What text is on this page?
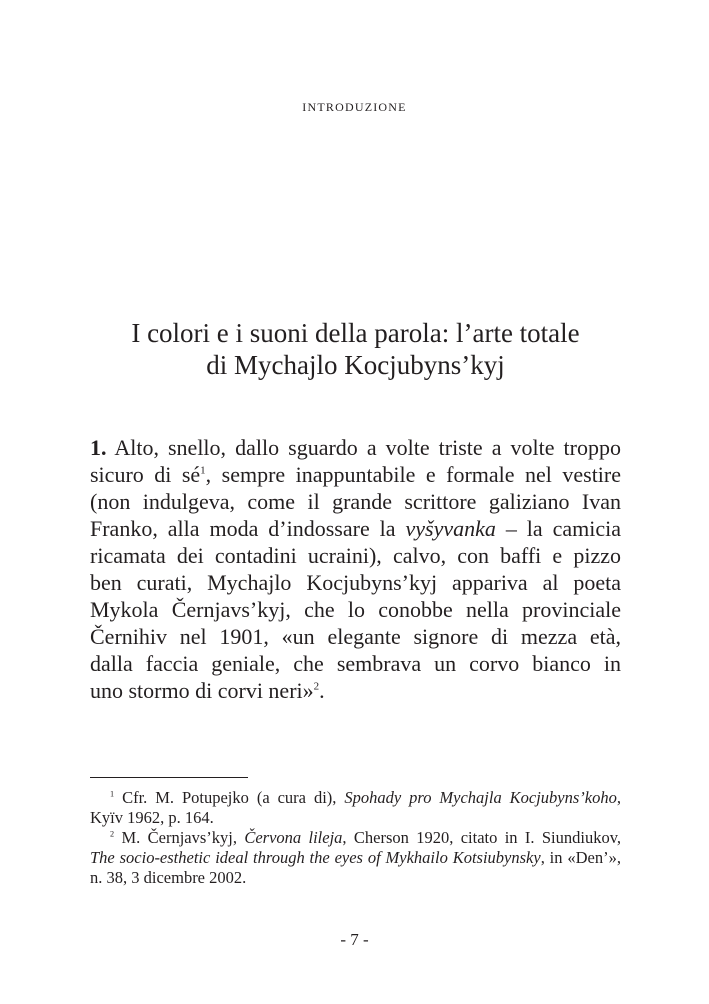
introduzione
I colori e i suoni della parola: l’arte totale
di Mychajlo Kocjubyns’kyj
1. Alto, snello, dallo sguardo a volte triste a volte troppo
sicuro di $sé^1$, sempre inappuntabile e formale nel vestire
(non indulgeva, come il grande scrittore galiziano Ivan
Franko, alla moda d’indossare la vyšyvanka – la camicia
ricamata dei contadini ucraini), calvo, con baffi e pizzo
ben curati, Mychajlo Kocjubyns’kyj appariva al poeta
Mykola Černjavs’kyj, che lo conobbe nella provinciale
Černihiv nel 1901, «un elegante signore di mezza età,
dalla faccia geniale, che sembrava un corvo bianco in
uno stormo di corvi neri»$^2$.
$^1$ Cfr. M. Potupejko (a cura di), Spohady pro Mychajla Kocjubyns’koho,
Kyïv 1962, p. 164.
$^2$ M. Černjavs’kyj, Červona lileja, Cherson 1920, citato in I. Siundiukov,
The socio-esthetic ideal through the eyes of Mykhailo Kotsiubynsky, in «Den’»,
n. 38, 3 dicembre 2002.
- 7 -
